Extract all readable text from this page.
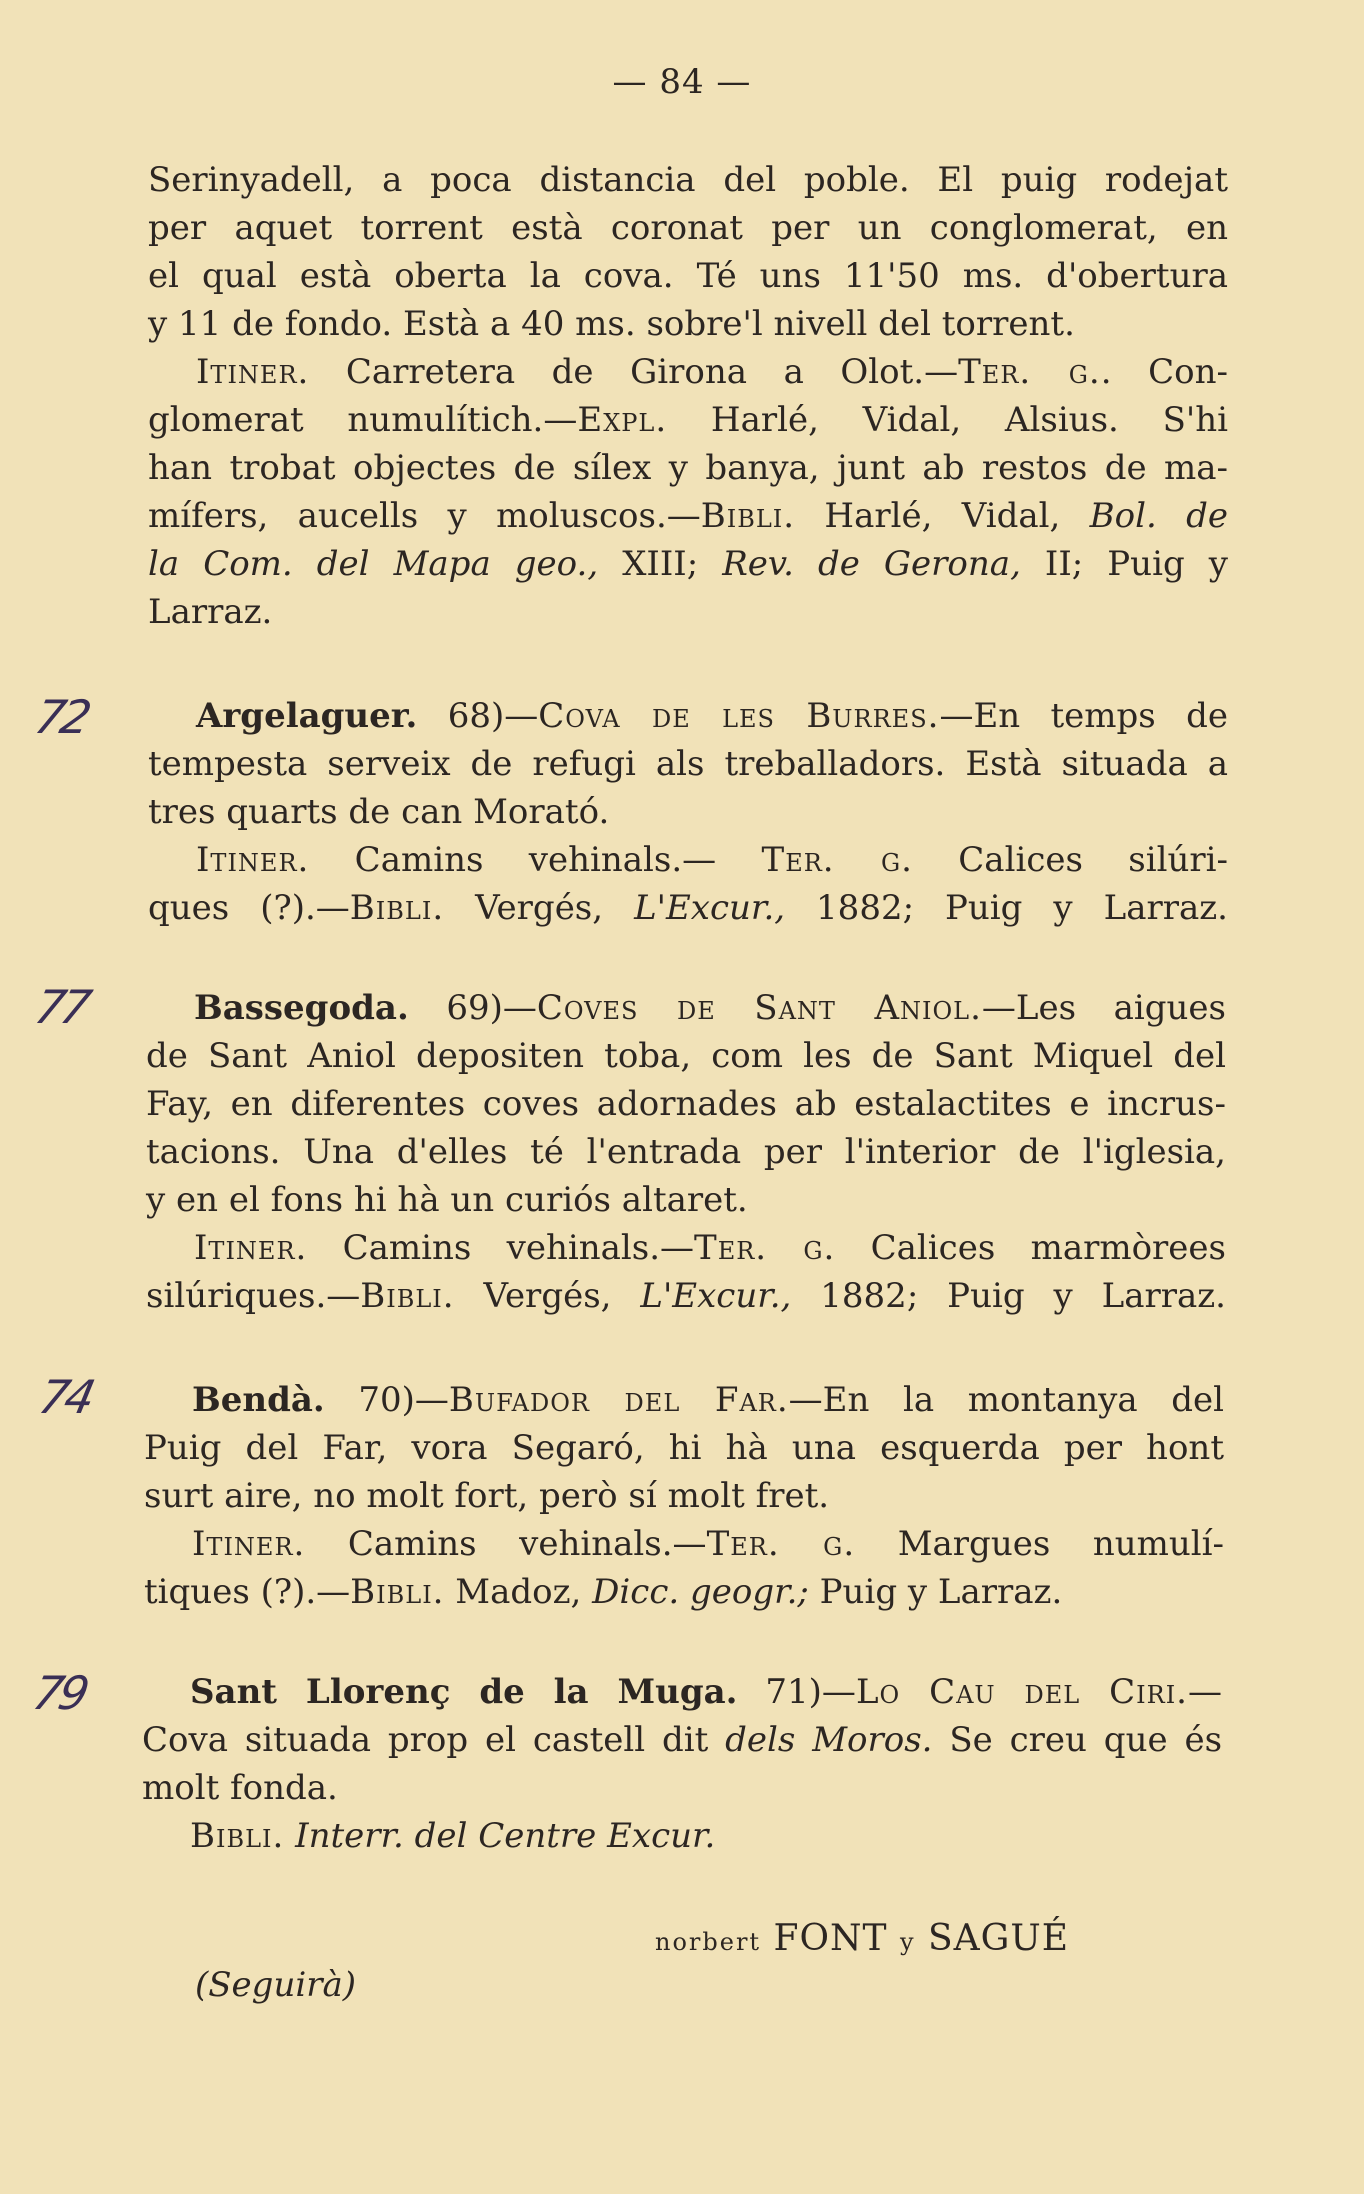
— 84 —
Serinyadell, a poca distancia del poble. El puig rodejat
per aquet torrent està coronat per un conglomerat, en
el qual està oberta la cova. Té uns 11'50 ms. d'obertura
y 11 de fondo. Està a 40 ms. sobre'l nivell del torrent.
Itiner. Carretera de Girona a Olot.—Ter. g.. Con-
glomerat numulítich.—Expl. Harlé, Vidal, Alsius. S'hi
han trobat objectes de sílex y banya, junt ab restos de ma-
mífers, aucells y moluscos.—Bibli. Harlé, Vidal, Bol. de
la Com. del Mapa geo., XIII; Rev. de Gerona, II; Puig y
Larraz.
72	Argelaguer. 68)—Cova de les Burres.—En temps de
tempesta serveix de refugi als treballadors. Està situada a
tres quarts de can Morató.
Itiner. Camins vehinals.— Ter. g. Calices silúri-
ques (?).—Bibli. Vergés, L'Excur., 1882; Puig y Larraz.
77	Bassegoda. 69)—Coves de Sant Aniol.—Les aigues
de Sant Aniol depositen toba, com les de Sant Miquel del
Fay, en diferentes coves adornades ab estalactites e incrus-
tacions. Una d'elles té l'entrada per l'interior de l'iglesia,
y en el fons hi hà un curiós altaret.
Itiner. Camins vehinals.—Ter. g. Calices marmòrees
silúriques.—Bibli. Vergés, L'Excur., 1882; Puig y Larraz.
74	Bendà. 70)—Bufador del Far.—En la montanya del
Puig del Far, vora Segaró, hi hà una esquerda per hont
surt aire, no molt fort, però sí molt fret.
Itiner. Camins vehinals.—Ter. g. Margues numulí-
tiques (?).—Bibli. Madoz, Dicc. geogr.; Puig y Larraz.
79	Sant Llorenç de la Muga. 71)—Lo Cau del Ciri.—
Cova situada prop el castell dit dels Moros. Se creu que és
molt fonda.
Bibli. Interr. del Centre Excur.
norbert FONT y SAGUÉ
(Seguirà)
